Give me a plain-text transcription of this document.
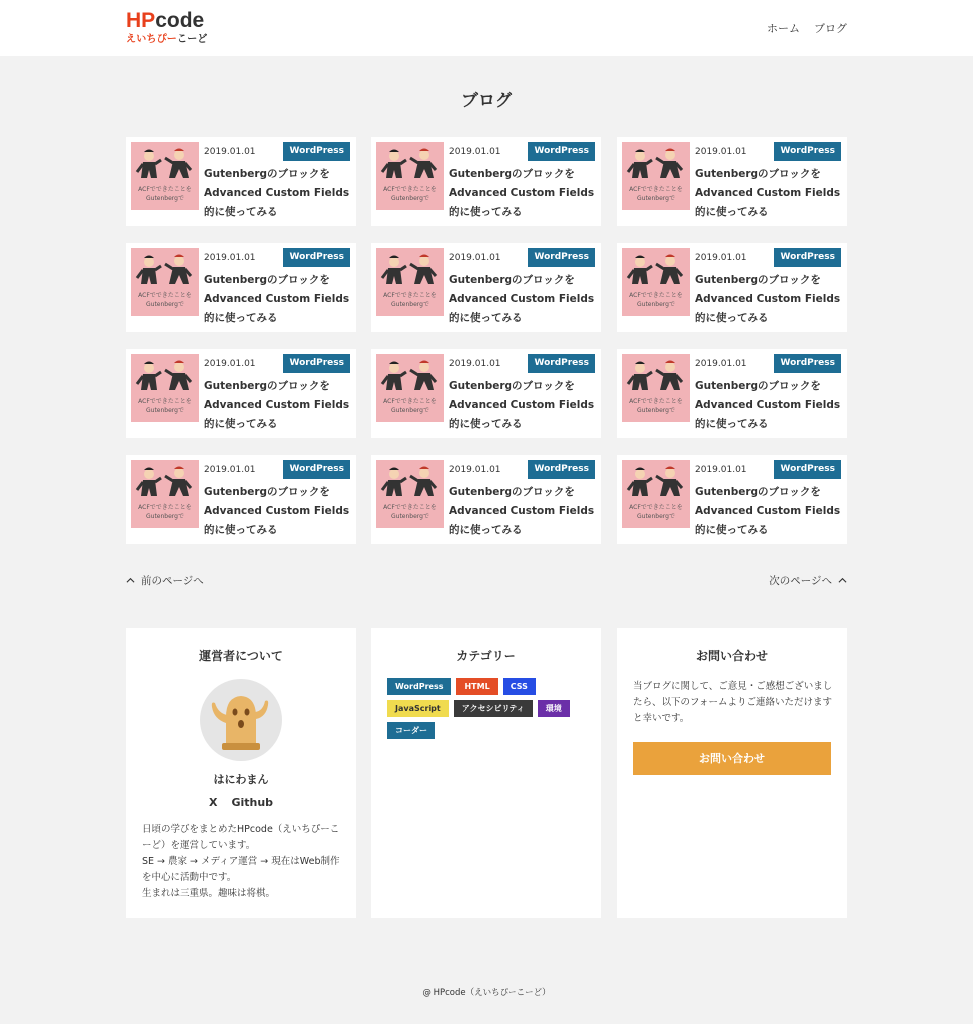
HPcode
えいちぴーこーど
ホーム ブログ
ブログ
ACFでできたことを Gutenbergで
2019.01.01	WordPress
Gutenbergのブロックを Advanced Custom Fields的に使ってみる
ACFでできたことを Gutenbergで
2019.01.01	WordPress
Gutenbergのブロックを Advanced Custom Fields的に使ってみる
ACFでできたことを Gutenbergで
2019.01.01	WordPress
Gutenbergのブロックを Advanced Custom Fields的に使ってみる
ACFでできたことを Gutenbergで
2019.01.01	WordPress
Gutenbergのブロックを Advanced Custom Fields的に使ってみる
ACFでできたことを Gutenbergで
2019.01.01	WordPress
Gutenbergのブロックを Advanced Custom Fields的に使ってみる
ACFでできたことを Gutenbergで
2019.01.01	WordPress
Gutenbergのブロックを Advanced Custom Fields的に使ってみる
ACFでできたことを Gutenbergで
2019.01.01	WordPress
Gutenbergのブロックを Advanced Custom Fields的に使ってみる
ACFでできたことを Gutenbergで
2019.01.01	WordPress
Gutenbergのブロックを Advanced Custom Fields的に使ってみる
ACFでできたことを Gutenbergで
2019.01.01	WordPress
Gutenbergのブロックを Advanced Custom Fields的に使ってみる
ACFでできたことを Gutenbergで
2019.01.01	WordPress
Gutenbergのブロックを Advanced Custom Fields的に使ってみる
ACFでできたことを Gutenbergで
2019.01.01	WordPress
Gutenbergのブロックを Advanced Custom Fields的に使ってみる
ACFでできたことを Gutenbergで
2019.01.01	WordPress
Gutenbergのブロックを Advanced Custom Fields的に使ってみる
前のページへ	次のページへ
運営者について
はにわまん
X Github

日頃の学びをまとめたHPcode（えいちぴーこーど）を運営しています。
SE → 農家 → メディア運営 → 現在はWeb制作を中心に活動中です。
生まれは三重県。趣味は将棋。

カテゴリー
WordPress	HTML	CSS
JavaScript	アクセシビリティ	環境
コーダー
お問い合わせ

当ブログに関して、ご意見・ご感想ございましたら、以下のフォームよりご連絡いただけますと幸いです。

お問い合わせ
@ HPcode（えいちぴーこーど）
